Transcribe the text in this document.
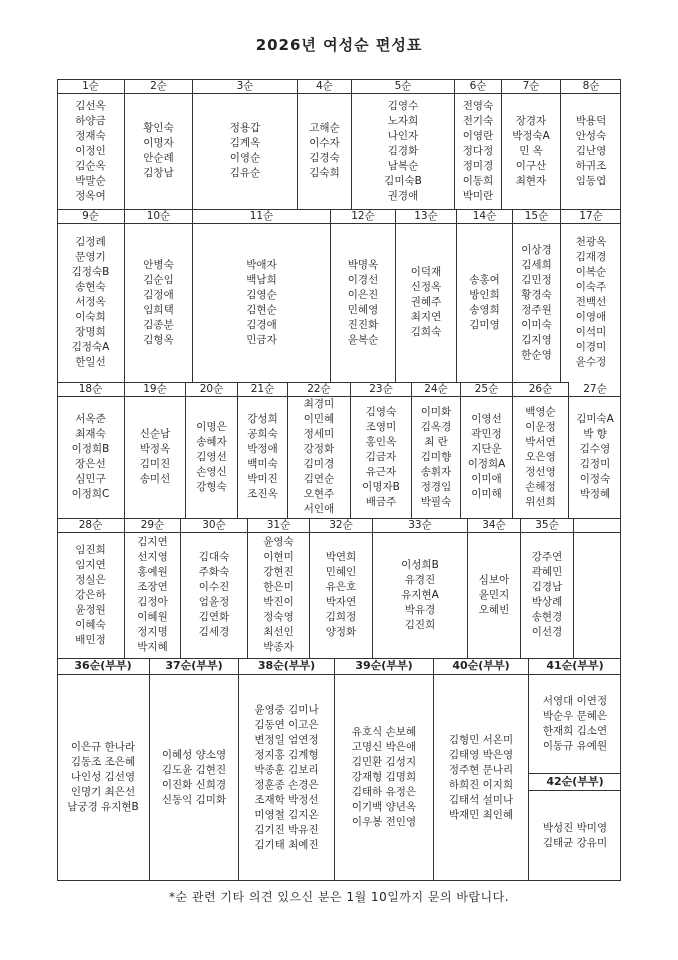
2026년 여성순 편성표
1순
김선옥
하양금
정재숙
이정인
김순옥
박말순
정옥여
2순
황인숙
이명자
안순례
김창남
3순
정용갑
김계옥
이영순
김유순
4순
고해순
이수자
김경숙
김숙희
5순
김영수
노자희
나인자
김경화
남복순
김미숙B
권경애
6순
전영숙
전기숙
이영란
정다정
정미경
이동희
박미란
7순
장경자
박정숙A
민 옥
이구산
최현자
8순
박용덕
안성숙
김난영
하귀조
임동엽
9순
김정례
문영기
김정숙B
송현숙
서정옥
이숙희
장명희
김정숙A
한일선
10순
안병숙
김순임
김정애
임희택
김종분
김형옥
11순
박애자
백남희
김영순
김현순
김경애
민금자
12순
박명옥
이경선
이은진
민혜영
진진화
윤복순
13순
이덕재
신정옥
권혜주
최지연
김희숙
14순
송홍여
방인희
송영희
김미영
15순
이상경
김세희
김민정
황경숙
정주원
이미숙
김지영
한순영
18순
서옥준
최재숙
이정희B
장은선
심민구
이정희C
19순
신순남
박정옥
김미진
송미선
20순
이명은
송혜자
김영선
손영신
강형숙
21순
강성희
공희숙
박정애
백미숙
박미진
조진옥
22순
최경미
이민혜
정세미
강정화
김미경
김연순
오현주
서인애
23순
김영숙
조영미
홍인옥
김금자
유근자
이명자B
배금주
24순
이미화
김옥경
최 란
김미향
송휘자
정경임
박필숙
25순
이영선
곽민정
지단운
이정희A
이미애
이미해
26순
백영순
이운정
박서연
오은영
정선영
손해정
위선희
28순
임진희
임지연
정실은
강은하
윤정원
이혜숙
배민정
29순
김지연
선지영
홍예원
조장연
김정아
이혜원
정지명
박지혜
30순
김대숙
주화숙
이수진
엄윤정
김연화
김세경
31순
윤영숙
이현미
강현진
한은미
박진이
정숙영
최선인
박종자
32순
박연희
민혜인
유은호
박자연
김희정
양정화
33순
이성희B
유경진
유지현A
박유경
김진희
34순
심보아
윤민지
오혜빈
35순
강주연
곽혜민
김경남
박상례
송현경
이선경
36순(부부)
이은규 한나라
김동조 조은혜
나인성 김선영
인명기 최은선
남궁경 유지현B
37순(부부)
이혜성 양소영
김도윤 김현진
이진화 신희경
신동익 김미화
38순(부부)
윤영중 김미나
김동연 이고은
변정일 엄연정
정지홍 김계형
박종훈 김보리
정훈종 손경은
조재학 박정선
미영철 김지온
김기진 박유진
김기태 최예진
39순(부부)
유호식 손보혜
고명신 박은애
김민환 김성지
강재형 김명희
김태하 유정은
이기백 양년옥
이우봉 전인영
40순(부부)
김형민 서온미
김태영 박은영
정주현 문나리
하희진 이지희
김태석 설미나
박재민 최인혜
41순(부부)
서영대 이연정
박순우 문혜은
한재희 김소연
이동규 유예원
42순(부부)
박성진 박미영
김태균 강유미
17순
천광옥
김재경
이복순
이숙주
전백선
이영애
이석미
이경미
윤수정
27순
김미숙A
박 향
김수영
김정미
이정숙
박정혜
*순 관련 기타 의견 있으신 분은 1월 10일까지 문의 바랍니다.
